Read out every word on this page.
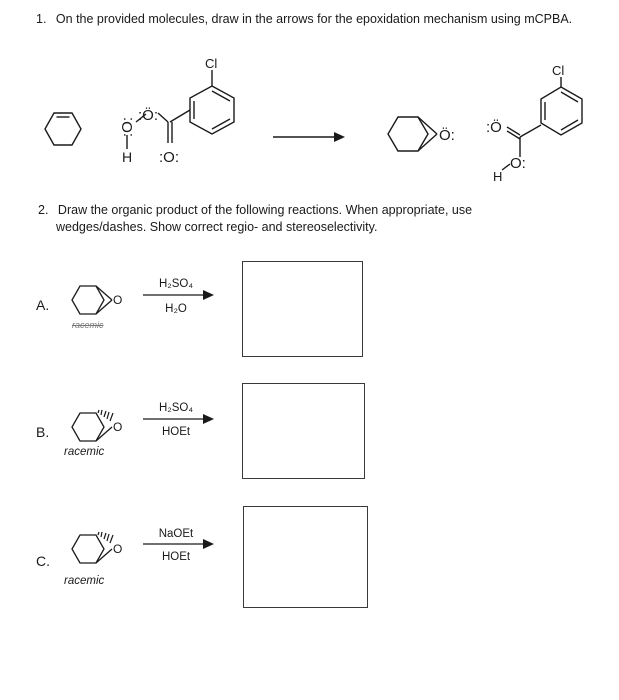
1. On the provided molecules, draw in the arrows for the epoxidation mechanism using mCPBA.
Cl	Cl
:O:
:Ö:
:O:
H
Ö: :Ö
O:
H
2. Draw the organic product of the following reactions. When appropriate, use
wedges/dashes. Show correct regio- and stereoselectivity.
O
O
O
A.
racemic
H₂SO₄
H₂O
B.
racemic
H₂SO₄
HOEt
C.
racemic
NaOEt
HOEt
